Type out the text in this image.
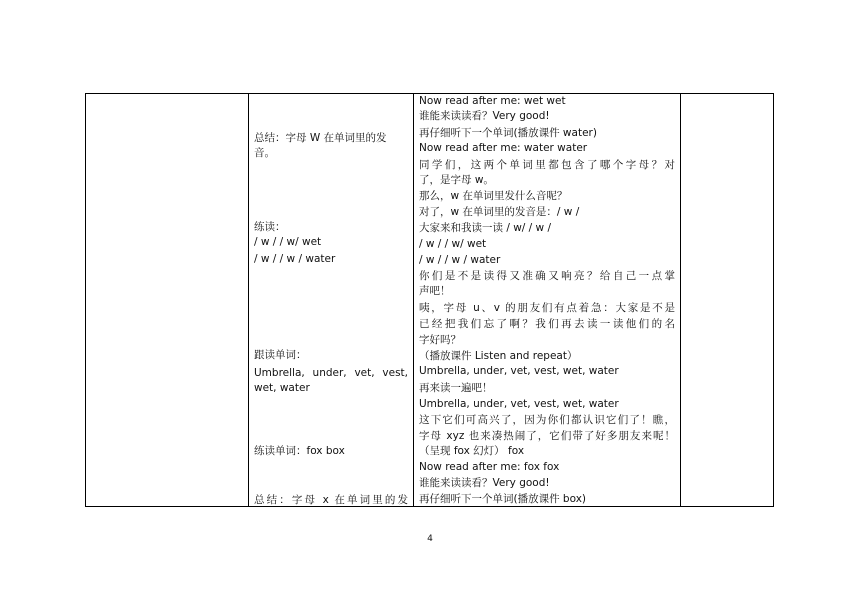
总结：字母 W 在单词里的发
音。
练读：
/ w / / w/ wet
/ w / / w / water
跟读单词：
Umbrella, under, vet, vest,
wet, water
练读单词：fox box
总结：字母 x 在单词里的发
Now read after me: wet wet
谁能来读读看？Very good!
再仔细听下一个单词(播放课件 water)
Now read after me: water water
同学们，这两个单词里都包含了哪个字母？对
了，是字母 w。
那么，w 在单词里发什么音呢？
对了，w 在单词里的发音是：/ w /
大家来和我读一读 / w/ / w /
/ w / / w/ wet
/ w / / w / water
你们是不是读得又准确又响亮？给自己一点掌
声吧！
咦，字母 u、v 的朋友们有点着急：大家是不是
已经把我们忘了啊？我们再去读一读他们的名
字好吗？
（播放课件 Listen and repeat）
Umbrella, under, vet, vest, wet, water
再来读一遍吧！
Umbrella, under, vet, vest, wet, water
这下它们可高兴了，因为你们都认识它们了！瞧，
字母 xyz 也来凑热闹了，它们带了好多朋友来呢！
（呈现 fox 幻灯） fox
Now read after me: fox fox
谁能来读读看？Very good!
再仔细听下一个单词(播放课件 box)
4
